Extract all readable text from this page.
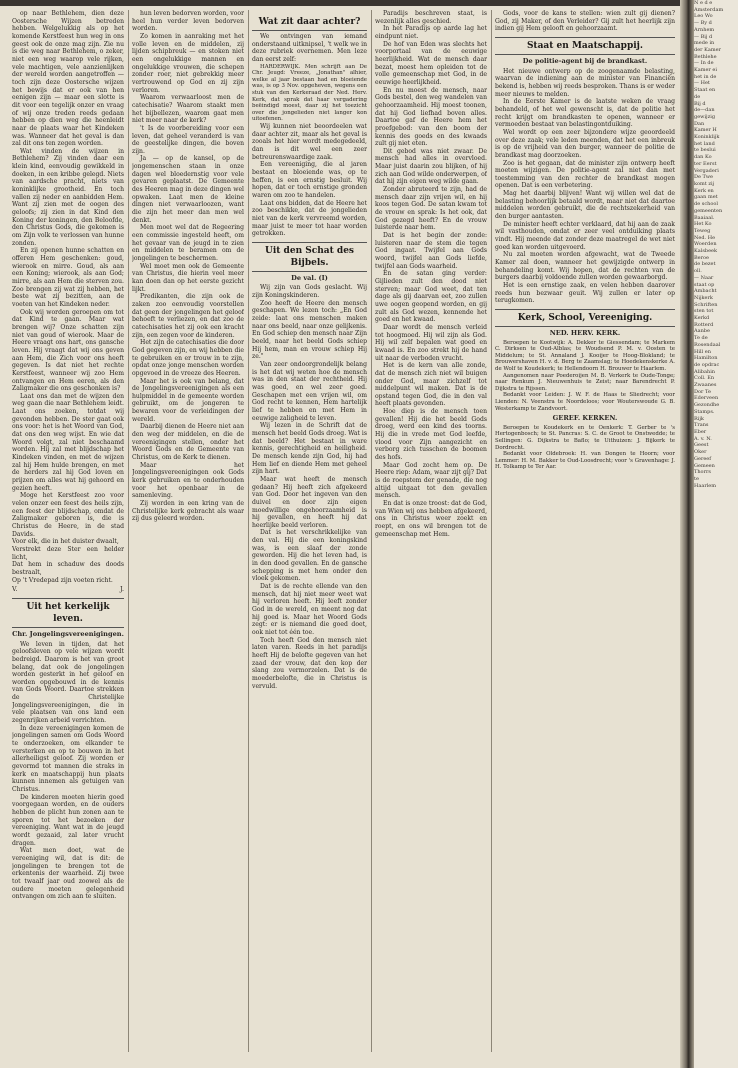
op naar Bethlehem, dien deze Oostersche Wijzen betreden hebben. Welgelukkig als op het komende Kerstfeest hun weg in ons geest ook de onze mag zijn. Zie nu is die weg naar Bethlehem, o zeker, niet een weg waarop vele rijken, vele machtigen, vele aanzienlijken der wereld worden aangetroffen — toch zijn deze Oostersche wijzen het bewijs dat er ook van hen eenigen zijn — maar een slotte is dit voor een tegelijk onzer en vraag of wij onze treden reeds gedaan hebben op dien weg die heenleidt naar de plaats waar het Kindeken was. Wanneer dat het geval is dan zal dit ons ten zegen worden.

Wat vinden de wijzen in Bethlehem? Zij vinden daar een klein kind, eenvoudig gewikkeld in doeken, in een kribbe gelegd. Niets van aardsche pracht, niets van koninklijke grootheid. En toch vallen zij neder en aanbidden Hem. Want zij zien met de oogen des geloofs; zij zien in dat Kind den Koning der koningen, den Beloofde, den Christus Gods, die gekomen is om Zijn volk te verlossen van hunne zonden.

En zij openen hunne schatten en offeren Hem geschenken: goud, wierook en mirre. Goud, als aan een Koning; wierook, als aan God; mirre, als aan Hem die sterven zou. Zoo brengen zij wat zij hebben, het beste wat zij bezitten, aan de voeten van het Kindeken neder.

Ook wij worden geroepen om tot dat Kind te gaan. Maar wat brengen wij? Onze schatten zijn niet van goud of wierook. Maar de Heere vraagt ons hart, ons gansche leven. Hij vraagt dat wij ons geven aan Hem, die Zich voor ons heeft gegeven. Is dat niet het rechte Kerstfeest, wanneer wij zoo Hem ontvangen en Hem eeren, als den Zaligmaker die ons geschonken is?

Laat ons dan met de wijzen den weg gaan die naar Bethlehem leidt. Laat ons zoeken, totdat wij gevonden hebben. De ster gaat ook ons voor: het is het Woord van God, dat ons den weg wijst. En wie dat Woord volgt, zal niet beschaamd worden. Hij zal met blijdschap het Kindeken vinden, en met de wijzen zal hij Hem hulde brengen, en met de herders zal hij God loven en prijzen om alles wat hij gehoord en gezien heeft.

Moge het Kerstfeest zoo voor velen onzer een feest des heils zijn, een feest der blijdschap, omdat de Zaligmaker geboren is, die is Christus de Heere, in de stad Davids.

Voor elk, die in het duister dwaalt,

Verstrekt deze Ster een helder licht,

Dat hem in schaduw des doods bestraalt,

Op 't Vredepad zijn voeten richt.

V.	J.
Uit het kerkelijk leven.
Chr. Jongelingsvereenigingen.

We leven in tijden, dat het geloofsleven op vele wijzen wordt bedreigd. Daarom is het van groot belang, dat ook de jongelingen worden gesterkt in het geloof en worden opgebouwd in de kennis van Gods Woord. Daartoe strekken de Christelijke Jongelingsvereenigingen, die in vele plaatsen van ons land een zegenrijken arbeid verrichten.

In deze vereenigingen komen de jongelingen samen om Gods Woord te onderzoeken, om elkander te versterken en op te bouwen in het allerheiligst geloof. Zij worden er gevormd tot mannen die straks in kerk en maatschappij hun plaats kunnen innemen als getuigen van Christus.

De kinderen moeten hierin goed voorgegaan worden, en de ouders hebben de plicht hun zonen aan te sporen tot het bezoeken der vereeniging. Want wat in de jeugd wordt gezaaid, zal later vrucht dragen.

Wat men doet, wat de vereeniging wil, dat is dit: de jongelingen te brengen tot de erkentenis der waarheid. Zij twee tot twaalf jaar oud zoowel als de oudere moeten gelegenheid ontvangen om zich aan te sluiten.

hun leven bedorven worden, voor heel hun verder leven bedorven worden.

Zo komen in aanraking met het volle leven en de middelen, zij lijden schipbreuk — en stoken niet een ongelukkige mannen en ongelukkige vrouwen, die schepen zonder roer, niet gebrekkig meer vertrouwend op God en zij zijn verloren.

Waarom verwaarloost men de catechisatie? Waarom staakt men het bijbellezen, waarom gaat men niet meer naar de kerk?

't Is de voorbereiding voor een leven, dat geheel veranderd is van de geestelijke dingen, die boven zijn.

Ja — op de kansel, op de jongemenschen staan in onze dagen wel bloedernstig voor vele gevaren geplaatst. De Gemeente des Heeren mag in deze dingen wel opwaken. Laat men de kleine dingen niet verwaarloozen, want die zijn het meer dan men wel denkt.

Men moet wel dat de Regeering een commissie ingesteld heeft, om het gevaar van de jeugd in te zien en middelen te beramen om de jongelingen te beschermen.

Wel moet men ook de Gemeente van Christus, die hierin veel meer kan doen dan op het eerste gezicht lijkt.

Predikanten, die zijn ook de zaken zoo eenvoudig voorstellen dat geen der jongelingen het geloof behoeft te verliezen, en dat zoo de catechisaties het zij ook een kracht zijn, een zegen voor de kinderen.

Het zijn de catechisaties die door God gegeven zijn, en wij hebben die te gebruiken en er trouw in te zijn, opdat onze jonge menschen worden opgevoed in de vreeze des Heeren.

Maar het is ook van belang, dat de Jongelingsvereenigingen als een hulpmiddel in de gemeente worden gebruikt, om de jongeren te bewaren voor de verleidingen der wereld.

Daarbij dienen de Heere niet aan den weg der middelen, en die de vereenigingen stellen, onder het Woord Gods en de Gemeente van Christus, om de Kerk te dienen.

Maar het Jongelingsvereenigingen ook Gods kerk gebruiken en te onderhouden voor het openbaar in de samenleving.

Zij worden in een kring van de Christelijke kerk gebracht als waar zij dus geleerd worden.

Wat zit daar achter?

We ontvingen van iemand onderstaand uitknipsel, 't welk we in deze rubriek overnemen. Men leze dan eerst zelf:

HARDERWIJK. Men schrijft aan De Chr. Jeugd: Vreeze, „Jonathan" alhier, welke al jaar bestaan had en bloeiende was, is op 3 Nov. opgeheven, wegens een stuk van den Kerkeraad der Ned. Herv. Kerk, dat sprak dat haar vergadering beëindigd moest, daar zij het toezicht over die jongelieden niet langer kon uitoefenen.

Wij kunnen niet beoordeelen wat daar achter zit, maar als het geval is zooals het hier wordt medegedeeld, dan is dit wel een zeer betreurenswaardige zaak.

Een vereeniging, die al jaren bestaat en bloeiende was, op te heffen, is een ernstig besluit. Wij hopen, dat er toch ernstige gronden waren om zoo te handelen.

Laat ons bidden, dat de Heere het zoo beschikke, dat de jongelieden niet van de kerk vervreemd worden, maar juist te meer tot haar worden getrokken.

Uit den Schat des Bijbels.
De val. (I)

Wij zijn van Gods geslacht. Wij zijn Koningskinderen.

Zoo heeft de Heere den mensch geschapen. We lezen toch: „En God zeide: laat ons menschen maken naar ons beeld, naar onze gelijkenis. En God schiep den mensch naar Zijn beeld, naar het beeld Gods schiep Hij hem, man en vrouw schiep Hij ze."

Van zeer ondoorgrondelijk belang is het dat wij weten hoe de mensch was in den staat der rechtheid. Hij was goed, en wel zeer goed. Geschapen met een vrijen wil, om God recht te kennen, Hem hartelijk lief te hebben en met Hem in eeuwige zaligheid te leven.

Wij lezen in de Schrift dat de mensch het beeld Gods droeg. Wat is dat beeld? Het bestaat in ware kennis, gerechtigheid en heiligheid. De mensch kende zijn God, hij had Hem lief en diende Hem met geheel zijn hart.

Maar wat heeft de mensch gedaan? Hij heeft zich afgekeerd van God. Door het ingeven van den duivel en door zijn eigen moedwillige ongehoorzaamheid is hij gevallen, en heeft hij dat heerlijke beeld verloren.

Dat is het verschrikkelijke van den val. Hij die een koningskind was, is een slaaf der zonde geworden. Hij die het leven had, is in den dood gevallen. En de gansche schepping is met hem onder den vloek gekomen.

Dat is de rechte ellende van den mensch, dat hij niet meer weet wat hij verloren heeft. Hij leeft zonder God in de wereld, en meent nog dat hij goed is. Maar het Woord Gods zegt: er is niemand die goed doet, ook niet tot één toe.

Toch heeft God den mensch niet laten varen. Reeds in het paradijs heeft Hij de belofte gegeven van het zaad der vrouw, dat den kop der slang zou vermorzelen. Dat is de moederbelofte, die in Christus is vervuld.

Paradijs beschreven staat, is wezenlijk alles geschied.

In het Paradijs op aarde lag het eindpunt niet.

De hof van Eden was slechts het voorportaal van de eeuwige heerlijkheid. Wat de mensch daar bezat, moest hem opleiden tot de volle gemeenschap met God, in de eeuwige heerlijkheid.

En nu moest de mensch, naar Gods bestel, den weg wandelen van gehoorzaamheid. Hij moest toonen, dat hij God liefhad boven alles. Daartoe gaf de Heere hem het proefgebod: van den boom der kennis des goeds en des kwaads zult gij niet eten.

Dit gebod was niet zwaar. De mensch had alles in overvloed. Maar juist daarin zou blijken, of hij zich aan God wilde onderwerpen, of dat hij zijn eigen weg wilde gaan.

Zonder abruteerd te zijn, had de mensch daar zijn vrijen wil, en hij koos tegen God. De satan kwam tot de vrouw en sprak: Is het ook, dat God gezegd heeft? En de vrouw luisterde naar hem.

Dat is het begin der zonde: luisteren naar de stem die tegen God ingaat. Twijfel aan Gods woord, twijfel aan Gods liefde, twijfel aan Gods waarheid.

En de satan ging verder: Gijlieden zult den dood niet sterven; maar God weet, dat ten dage als gij daarvan eet, zoo zullen uwe oogen geopend worden, en gij zult als God wezen, kennende het goed en het kwaad.

Daar wordt de mensch verleid tot hoogmoed. Hij wil zijn als God. Hij wil zelf bepalen wat goed en kwaad is. En zoo strekt hij de hand uit naar de verboden vrucht.

Het is de kern van alle zonde, dat de mensch zich niet wil buigen onder God, maar zichzelf tot middelpunt wil maken. Dat is de opstand tegen God, die in den val heeft plaats gevonden.

Hoe diep is de mensch toen gevallen! Hij die het beeld Gods droeg, werd een kind des toorns. Hij die in vrede met God leefde, vlood voor Zijn aangezicht en verborg zich tusschen de boomen des hofs.

Maar God zocht hem op. De Heere riep: Adam, waar zijt gij? Dat is de roepstem der genade, die nog altijd uitgaat tot den gevallen mensch.

En dat is onze troost: dat de God, van Wien wij ons hebben afgekeerd, ons in Christus weer zoekt en roept, en ons wil brengen tot de gemeenschap met Hem.

Gods, voor de kans te stellen: wien zult gij dienen? God, zij Maker, of den Verleider? Gij zult het heerlijk zijn indien gij Hem gelooft en gehoorzaamt.

Staat en Maatschappij.
De politie-agent bij de brandkast.

Het nieuwe ontwerp op de zoogenaamde belasting, waarvan de indiening aan de minister van Financiën bekend is, hebben wij reeds besproken. Thans is er weder meer nieuws te melden.

In de Eerste Kamer is de laatste weken de vraag behandeld, of het wel gewenscht is, dat de politie het recht krijgt om brandkasten te openen, wanneer er vermoeden bestaat van belastingontduiking.

Wel wordt op een zeer bijzondere wijze geoordeeld over deze zaak; vele leden meenden, dat het een inbreuk is op de vrijheid van den burger, wanneer de politie de brandkast mag doorzoeken.

Zoo is het gegaan, dat de minister zijn ontwerp heeft moeten wijzigen. De politie-agent zal niet dan met toestemming van den rechter de brandkast mogen openen. Dat is een verbetering.

Mag het daarbij blijven! Want wij willen wel dat de belasting behoorlijk betaald wordt, maar niet dat daartoe middelen worden gebruikt, die de rechtszekerheid van den burger aantasten.

De minister heeft echter verklaard, dat hij aan de zaak wil vasthouden, omdat er zeer veel ontduiking plaats vindt. Hij meende dat zonder deze maatregel de wet niet goed kan worden uitgevoerd.

Nu zal moeten worden afgewacht, wat de Tweede Kamer zal doen, wanneer het gewijzigde ontwerp in behandeling komt. Wij hopen, dat de rechten van de burgers daarbij voldoende zullen worden gewaarborgd.

Het is een ernstige zaak, en velen hebben daarover reeds hun bezwaar geuit. Wij zullen er later op terugkomen.

Kerk, School, Vereeniging.
NED. HERV. KERK.

Beroepen te Kootwijk: A. Dekker te Giessendam; te Markem C. Dirksen te Oud-Alblas; te Woudsend P. M. v. Oosten te Middelum; te St. Annaland J. Kooijer te Hoog-Blokland; te Brouwershaven H. v. d. Berg te Zaamslag; te Hoedekenskerke A. de Wolf te Koudekerk; te Hellendoorn H. Brouwer te Haarlem.

Aangenomen naar Poederoijen M. B. Verkerk te Oude-Tonge; naar Renkum J. Nieuwenhuis te Zeist; naar Barendrecht P. Dijkstra te Rijssen.

Bedankt voor Leiden: J. W. F. de Haas te Sliedrecht; voor Lienden: N. Veenstra te Noordeloos; voor Wouterswoude G. B. Westerkamp te Zandvoort.

GEREF. KERKEN.

Beroepen te Koudekerk en te Oenkerk: T. Gerber te 's Hertogenbosch; te St. Pancras: S. C. de Groot te Onstwedde; te Sellingen: G. Dijkstra te Baflo; te Uithuizen: J. Bijkerk te Dordrecht.

Bedankt voor Oldebroek: H. van Dongen te Hoorn; voor Lemmer: H. M. Bakker te Oud-Loosdrecht; voor 's Gravenhage: J. H. Tolkamp te Ter Aar.

N e d e

Amsterdam

Leo Wo

— By d

Arnhem

— Bij d

mede in

der Kamer

Bethlehe

— In de

Kamer ei

het in de

— Het

Staat en

de

Bij d

de—dan

gewijzig

Dan

Kamer H

Koninklijk

het land

te beslui

dan Ko

ter Eerst

Vergaderi

De Twe

komt zij

Kerk en

gaan met

de school

gemeenten

Baaiaal.

Het Ko

Teweg

Ned. He

Woerden

Kalsbeek

Beroe

de bezet

oll.

— Naar

staat op

Ambacht

Nijkerk

Schriften

sten tot

Kerkd

Rotterd

Aanbe

Te de

Rosendaal

Hill en

Hamilton

de opdrac

Alibahin

Coll. En

Zwaanes

Dor Te

Ederveen

Gezondhe

Stamps.

Rijk

Trans

Eber

A. v. N.

Geest

Oker

Gereef

Gemeen

Thorrs

te

Haarlem
